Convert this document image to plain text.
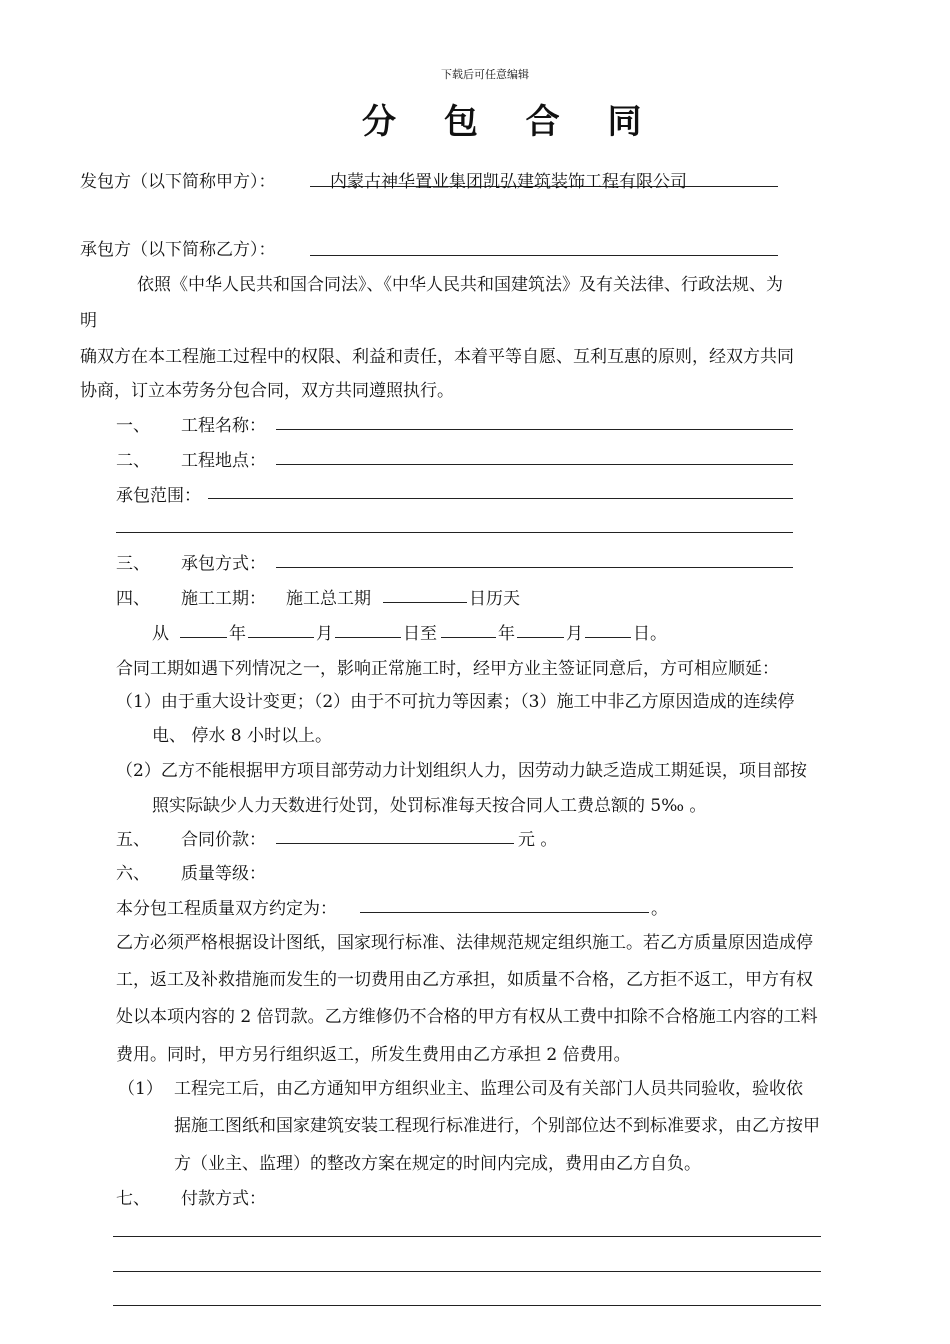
下载后可任意编辑
分 包 合 同
发包方（以下简称甲方）：	内蒙古神华置业集团凯弘建筑装饰工程有限公司
承包方（以下简称乙方）：
依照《中华人民共和国合同法》、《中华人民共和国建筑法》及有关法律、行政法规、为
明
确双方在本工程施工过程中的权限、利益和责任，本着平等自愿、互利互惠的原则，经双方共同
协商，订立本劳务分包合同，双方共同遵照执行。
一、 工程名称：
二、 工程地点：
承包范围：
三、 承包方式：
四、 施工工期： 施工总工期	日历天
从	年	月	日至	年	月	日。
合同工期如遇下列情况之一，影响正常施工时，经甲方业主签证同意后，方可相应顺延：
（1）由于重大设计变更；（2）由于不可抗力等因素；（3）施工中非乙方原因造成的连续停
电、 停水 8 小时以上。
（2）乙方不能根据甲方项目部劳动力计划组织人力，因劳动力缺乏造成工期延误，项目部按
照实际缺少人力天数进行处罚，处罚标准每天按合同人工费总额的 5‰ 。
五、 合同价款：	元 。
六、 质量等级：
本分包工程质量双方约定为：	。
乙方必须严格根据设计图纸，国家现行标准、法律规范规定组织施工。若乙方质量原因造成停
工，返工及补救措施而发生的一切费用由乙方承担，如质量不合格，乙方拒不返工，甲方有权
处以本项内容的 2 倍罚款。乙方维修仍不合格的甲方有权从工费中扣除不合格施工内容的工料
费用。同时，甲方另行组织返工，所发生费用由乙方承担 2 倍费用。
（1） 工程完工后，由乙方通知甲方组织业主、监理公司及有关部门人员共同验收，验收依
据施工图纸和国家建筑安装工程现行标准进行，个别部位达不到标准要求，由乙方按甲
方（业主、监理）的整改方案在规定的时间内完成，费用由乙方自负。
七、 付款方式：
